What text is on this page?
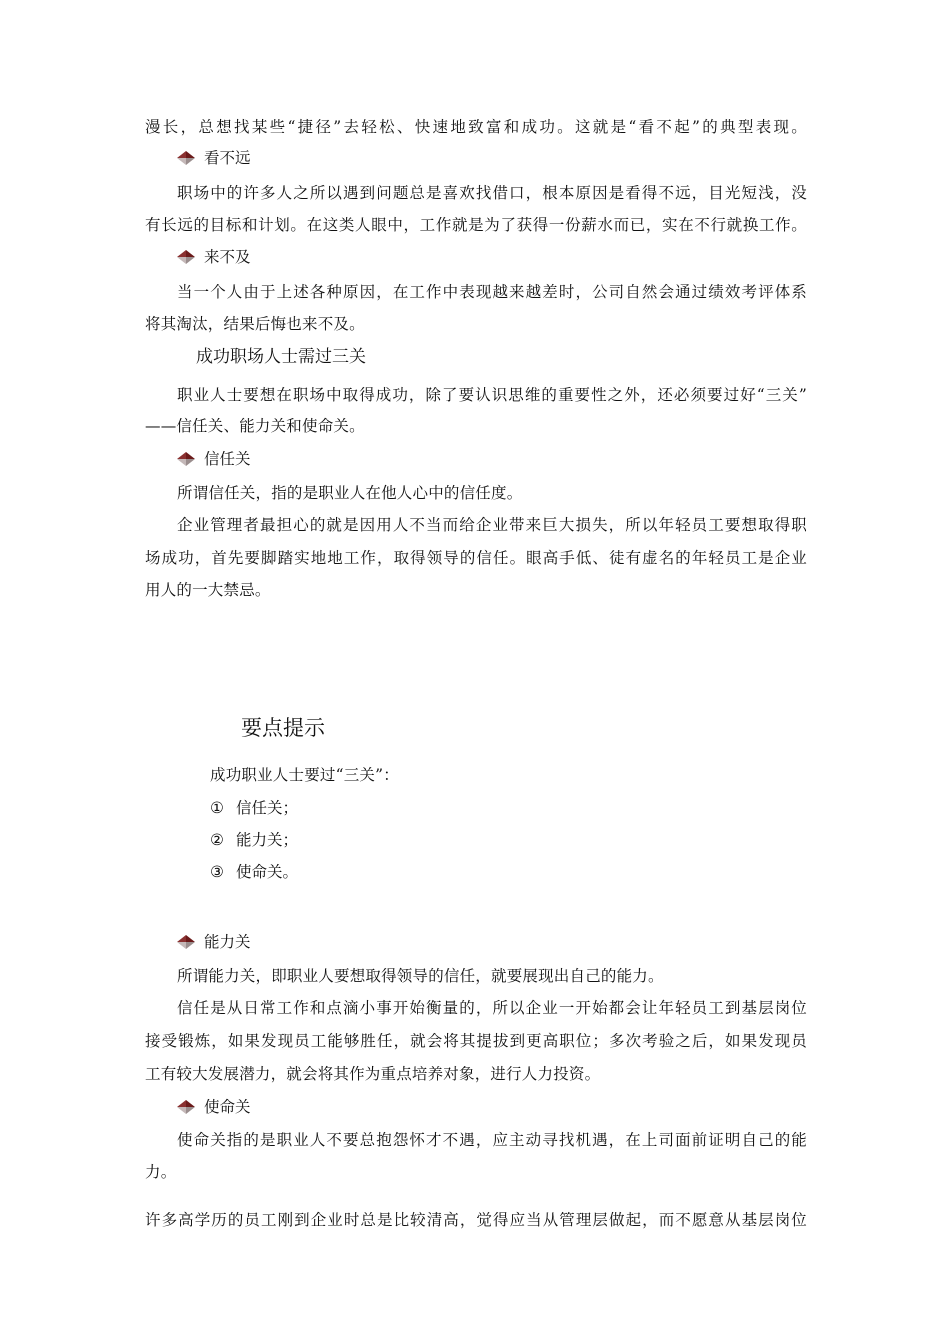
漫长，总想找某些“捷径”去轻松、快速地致富和成功。这就是“看不起”的典型表现。
看不远
职场中的许多人之所以遇到问题总是喜欢找借口，根本原因是看得不远，目光短浅，没
有长远的目标和计划。在这类人眼中，工作就是为了获得一份薪水而已，实在不行就换工作。
来不及
当一个人由于上述各种原因，在工作中表现越来越差时，公司自然会通过绩效考评体系
将其淘汰，结果后悔也来不及。
成功职场人士需过三关
职业人士要想在职场中取得成功，除了要认识思维的重要性之外，还必须要过好“三关”
——信任关、能力关和使命关。
信任关
所谓信任关，指的是职业人在他人心中的信任度。
企业管理者最担心的就是因用人不当而给企业带来巨大损失，所以年轻员工要想取得职
场成功，首先要脚踏实地地工作，取得领导的信任。眼高手低、徒有虚名的年轻员工是企业
用人的一大禁忌。
要点提示
成功职业人士要过“三关”：
① 信任关；
② 能力关；
③ 使命关。
能力关
所谓能力关，即职业人要想取得领导的信任，就要展现出自己的能力。
信任是从日常工作和点滴小事开始衡量的，所以企业一开始都会让年轻员工到基层岗位
接受锻炼，如果发现员工能够胜任，就会将其提拔到更高职位；多次考验之后，如果发现员
工有较大发展潜力，就会将其作为重点培养对象，进行人力投资。
使命关
使命关指的是职业人不要总抱怨怀才不遇，应主动寻找机遇，在上司面前证明自己的能
力。
许多高学历的员工刚到企业时总是比较清高，觉得应当从管理层做起，而不愿意从基层岗位
